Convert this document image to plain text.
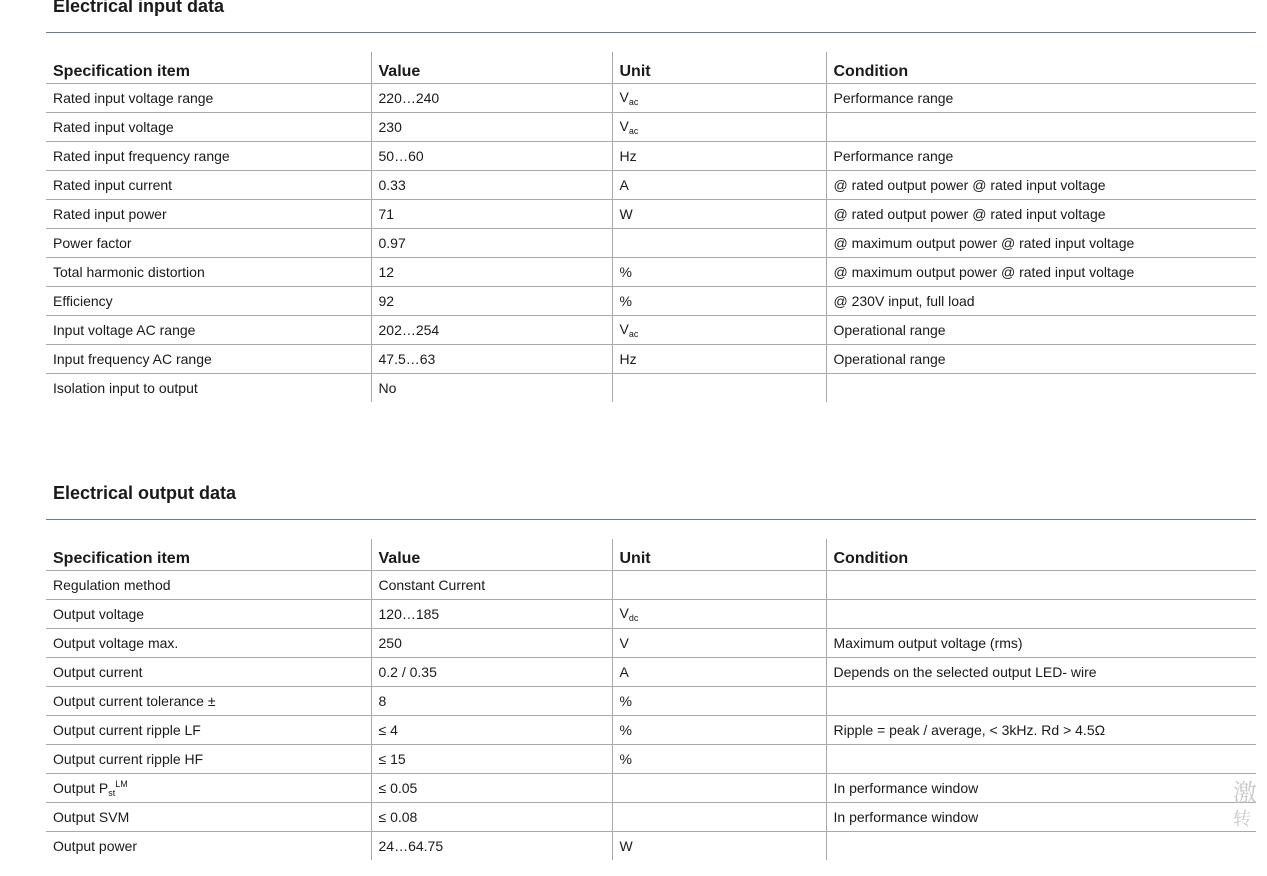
Electrical input data
Specification item	Value	Unit	Condition
Rated input voltage range	220…240	$V_{ac}$	Performance range
Rated input voltage	230	$V_{ac}$	
Rated input frequency range	50…60	Hz	Performance range
Rated input current	0.33	A	@ rated output power @ rated input voltage
Rated input power	71	W	@ rated output power @ rated input voltage
Power factor	0.97		@ maximum output power @ rated input voltage
Total harmonic distortion	12	%	@ maximum output power @ rated input voltage
Efficiency	92	%	@ 230V input, full load
Input voltage AC range	202…254	$V_{ac}$	Operational range
Input frequency AC range	47.5…63	Hz	Operational range
Isolation input to output	No		
Electrical output data
Specification item	Value	Unit	Condition
Regulation method	Constant Current		
Output voltage	120…185	$V_{dc}$	
Output voltage max.	250	V	Maximum output voltage (rms)
Output current	0.2 / 0.35	A	Depends on the selected output LED- wire
Output current tolerance ±	8	%	
Output current ripple LF	≤ 4	%	Ripple = peak / average, < 3kHz. Rd > 4.5Ω
Output current ripple HF	≤ 15	%	
Output $P_{st}^{LM}$	≤ 0.05		In performance window
Output SVM	≤ 0.08		In performance window
Output power	24…64.75	W	
激
转
